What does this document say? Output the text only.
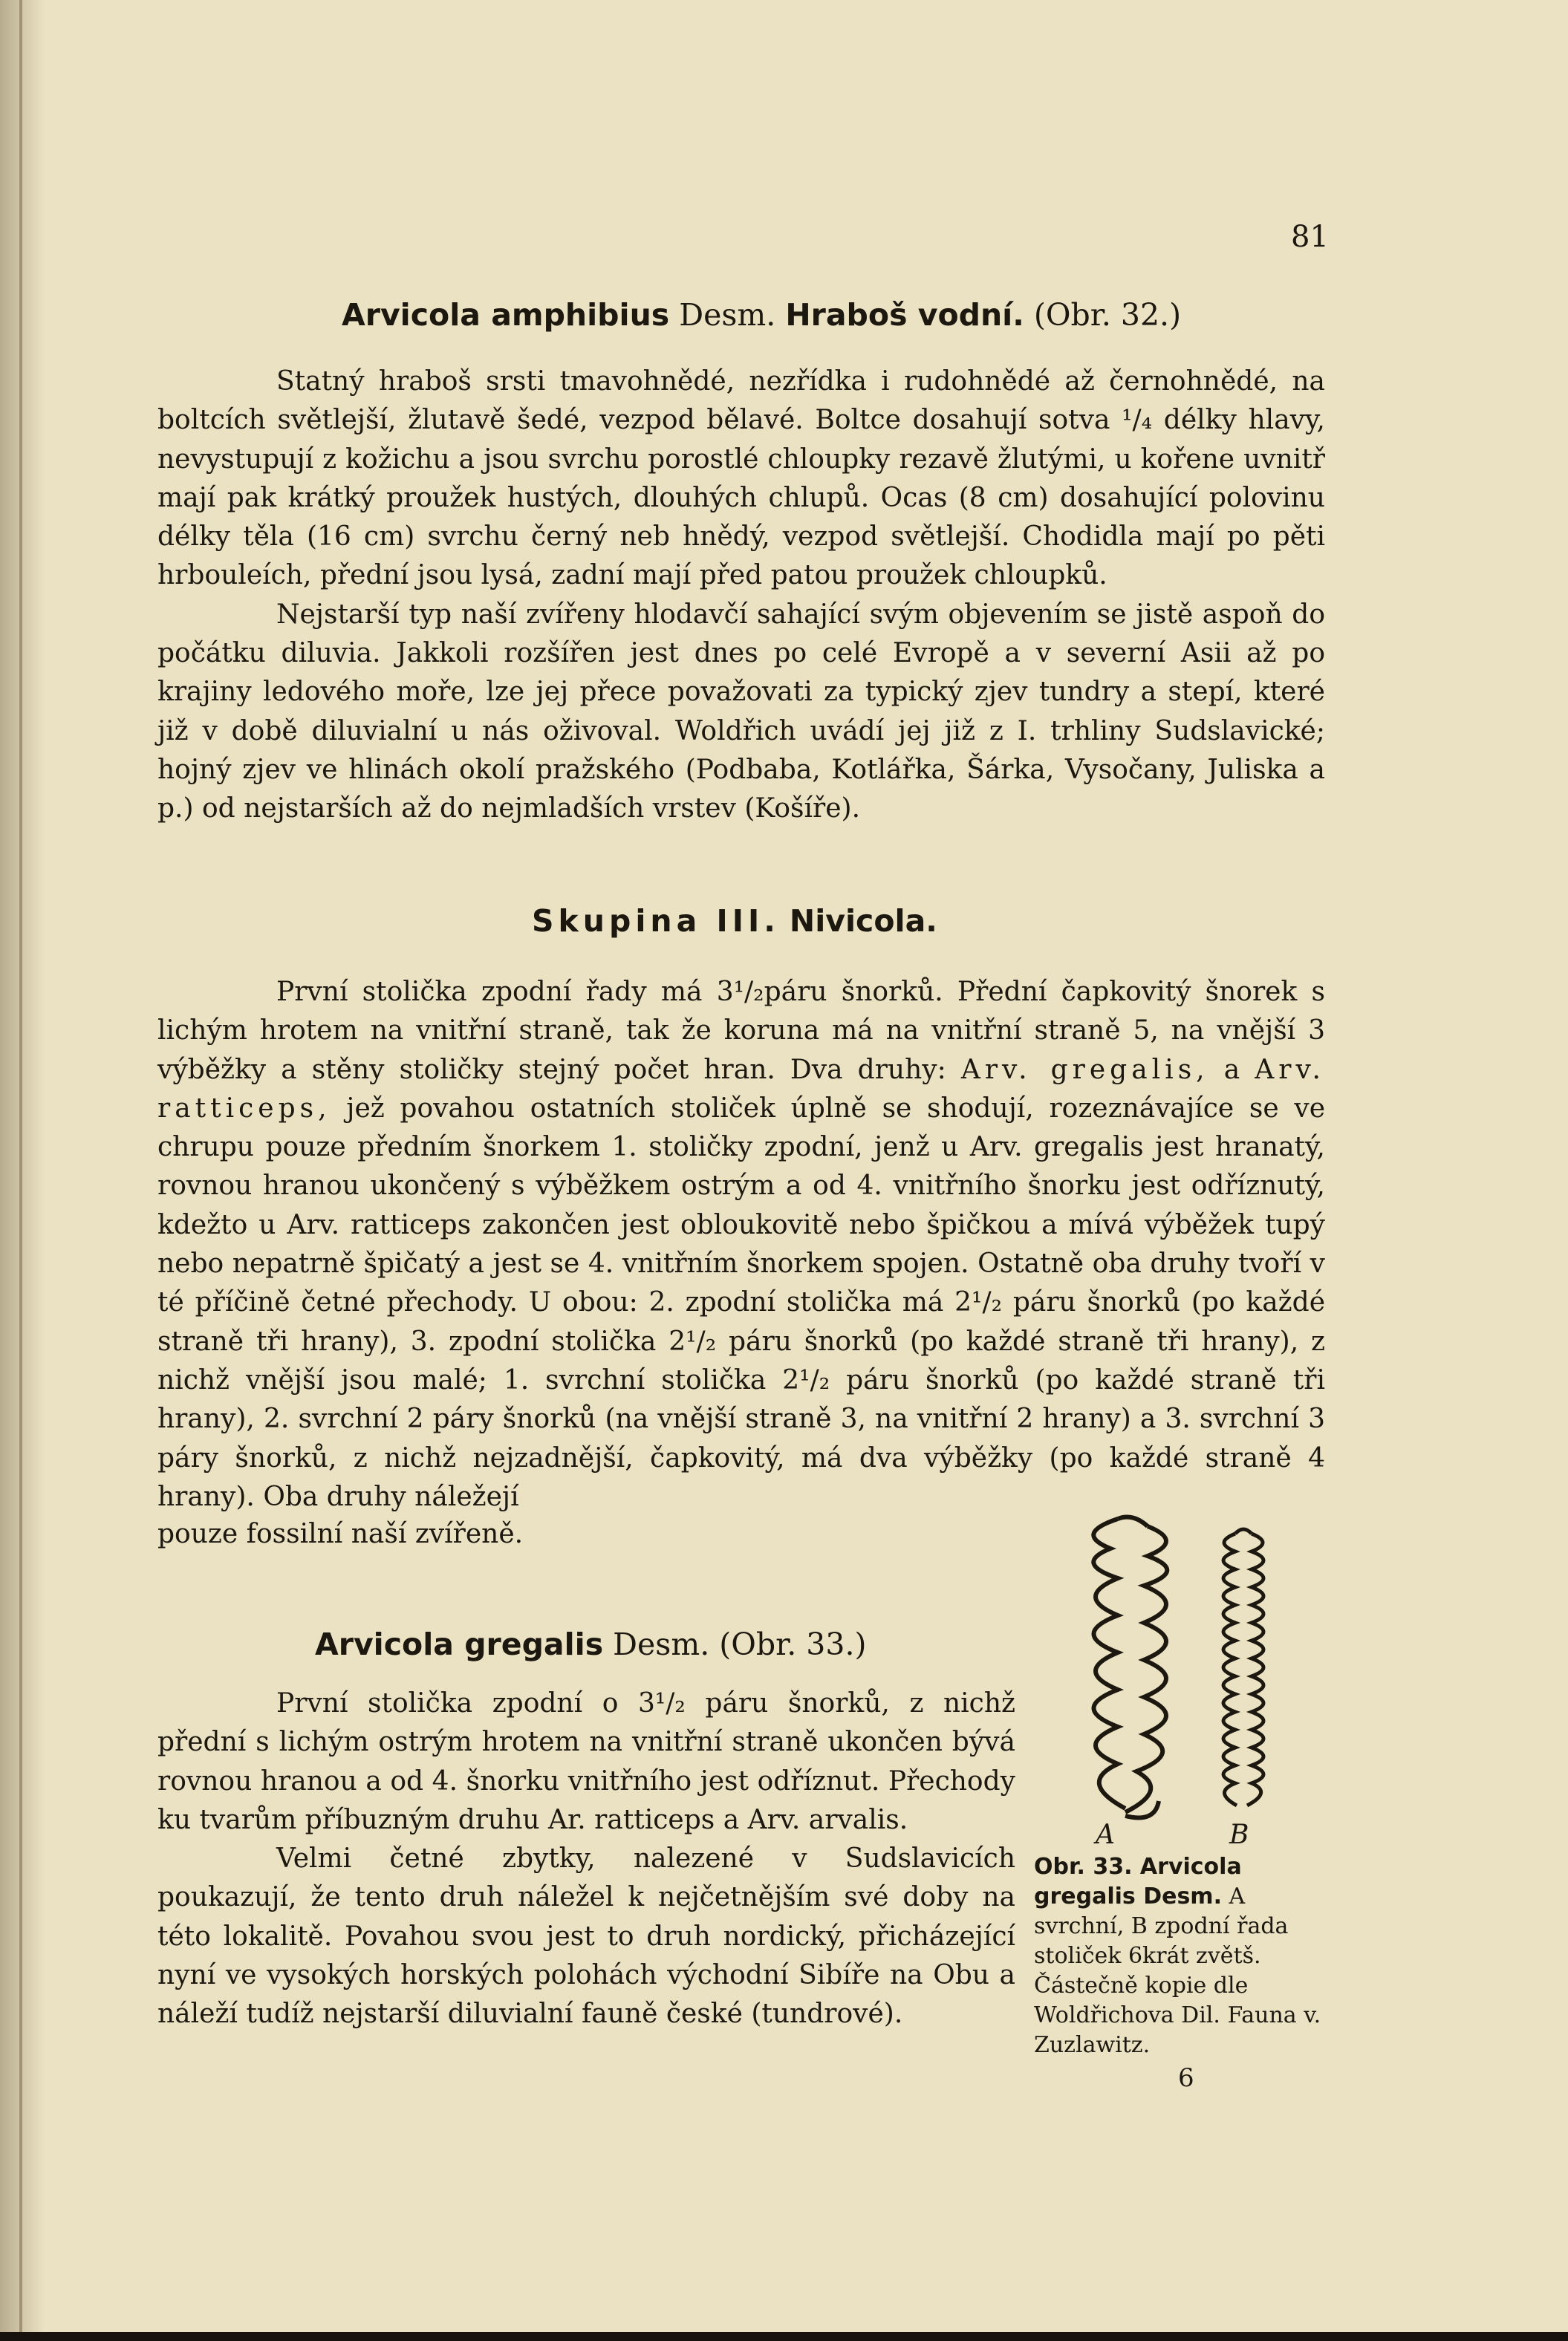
81
Arvicola amphibius Desm. Hraboš vodní. (Obr. 32.)

Statný hraboš srsti tmavohnědé, nezřídka i rudohnědé až černohnědé, na boltcích světlejší, žlutavě šedé, vezpod bělavé. Boltce dosahují sotva ¹/₄ délky hlavy, nevystupují z kožichu a jsou svrchu porostlé chloupky rezavě žlutými, u kořene uvnitř mají pak krátký proužek hustých, dlouhých chlupů. Ocas (8 cm) dosahující polovinu délky těla (16 cm) svrchu černý neb hnědý, vezpod světlejší. Chodidla mají po pěti hrbouleích, přední jsou lysá, zadní mají před patou proužek chloupků.

Nejstarší typ naší zvířeny hlodavčí sahající svým objevením se jistě aspoň do počátku diluvia. Jakkoli rozšířen jest dnes po celé Evropě a v severní Asii až po krajiny ledového moře, lze jej přece považovati za typický zjev tundry a stepí, které již v době diluvialní u nás oživoval. Woldřich uvádí jej již z I. trhliny Sudslavické; hojný zjev ve hlinách okolí pražského (Podbaba, Kotlářka, Šárka, Vysočany, Juliska a p.) od nejstarších až do nejmladších vrstev (Košíře).

Skupina III. Nivicola.

První stolička zpodní řady má 3¹/₂páru šnorků. Přední čapkovitý šnorek s lichým hrotem na vnitřní straně, tak že koruna má na vnitřní straně 5, na vnější 3 výběžky a stěny stoličky stejný počet hran. Dva druhy: Arv. gregalis, a Arv. ratticeps, jež povahou ostatních stoliček úplně se shodují, rozeznávajíce se ve chrupu pouze předním šnorkem 1. stoličky zpodní, jenž u Arv. gregalis jest hranatý, rovnou hranou ukončený s výběžkem ostrým a od 4. vnitřního šnorku jest odříznutý, kdežto u Arv. ratticeps zakončen jest obloukovitě nebo špičkou a mívá výběžek tupý nebo nepatrně špičatý a jest se 4. vnitřním šnorkem spojen. Ostatně oba druhy tvoří v té příčině četné přechody. U obou: 2. zpodní stolička má 2¹/₂ páru šnorků (po každé straně tři hrany), 3. zpodní stolička 2¹/₂ páru šnorků (po každé straně tři hrany), z nichž vnější jsou malé; 1. svrchní stolička 2¹/₂ páru šnorků (po každé straně tři hrany), 2. svrchní 2 páry šnorků (na vnější straně 3, na vnitřní 2 hrany) a 3. svrchní 3 páry šnorků, z nichž nejzadnější, čapkovitý, má dva výběžky (po každé straně 4 hrany). Oba druhy náležejí

pouze fossilní naší zvířeně.

Arvicola gregalis Desm. (Obr. 33.)

První stolička zpodní o 3¹/₂ páru šnorků, z nichž přední s lichým ostrým hrotem na vnitřní straně ukončen bývá rovnou hranou a od 4. šnorku vnitřního jest odříznut. Přechody ku tvarům příbuzným druhu Ar. ratticeps a Arv. arvalis.

Velmi četné zbytky, nalezené v Sudslavicích poukazují, že tento druh náležel k nejčetnějším své doby na této lokalitě. Povahou svou jest to druh nordický, přicházející nyní ve vysokých horských polohách východní Sibíře na Obu a náleží tudíž nejstarší diluvialní fauně české (tundrové).

A	B
Obr. 33. Arvicola gregalis Desm. A svrchní, B zpodní řada stoliček 6krát zvětš. Částečně kopie dle Woldřichova Dil. Fauna v. Zuzlawitz.
6
